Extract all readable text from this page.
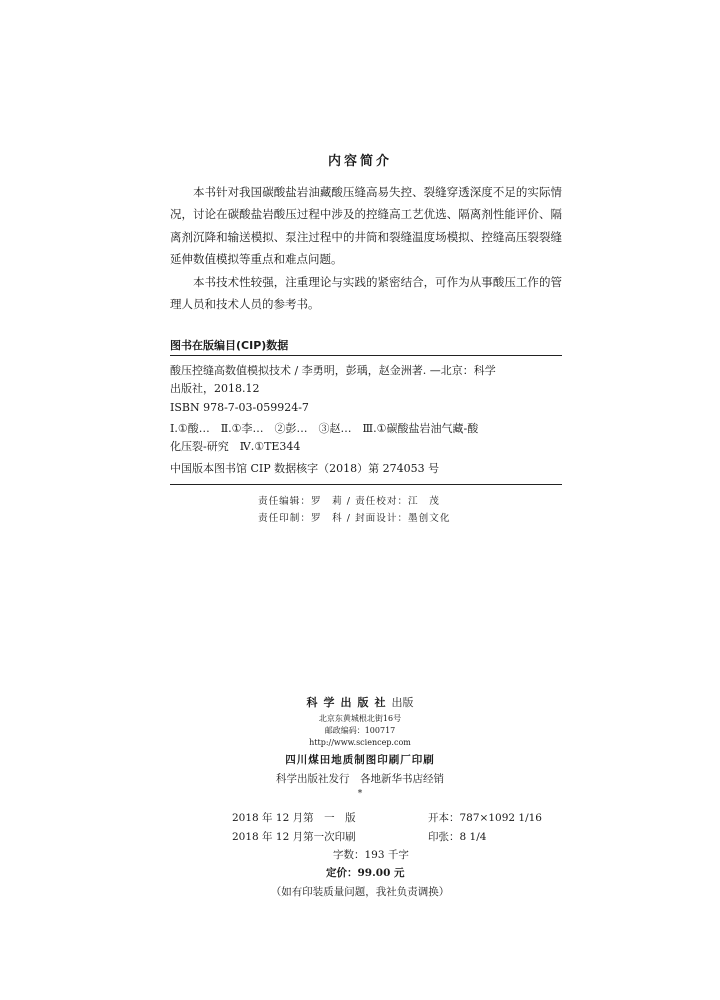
内容简介

本书针对我国碳酸盐岩油藏酸压缝高易失控、裂缝穿透深度不足的实际情况，讨论在碳酸盐岩酸压过程中涉及的控缝高工艺优选、隔离剂性能评价、隔离剂沉降和输送模拟、泵注过程中的井筒和裂缝温度场模拟、控缝高压裂裂缝延伸数值模拟等重点和难点问题。

本书技术性较强，注重理论与实践的紧密结合，可作为从事酸压工作的管理人员和技术人员的参考书。

图书在版编目(CIP)数据
酸压控缝高数值模拟技术 / 李勇明，彭瑀，赵金洲著. —北京：科学
出版社，2018.12
ISBN 978-7-03-059924-7
Ⅰ.①酸…　Ⅱ.①李…　②彭…　③赵…　Ⅲ.①碳酸盐岩油气藏-酸
化压裂-研究　Ⅳ.①TE344
中国版本图书馆 CIP 数据核字（2018）第 274053 号
责任编辑：罗　莉 / 责任校对：江　茂
责任印制：罗　科 / 封面设计：墨创文化
科学出版社出版
北京东黄城根北街16号
邮政编码：100717
http://www.sciencep.com
四川煤田地质制图印刷厂印刷
科学出版社发行　各地新华书店经销
*
2018 年 12 月第　一　版	开本：787×1092 1/16
2018 年 12 月第一次印刷	印张：8 1/4
字数：193 千字
定价：99.00 元
（如有印装质量问题，我社负责调换）
